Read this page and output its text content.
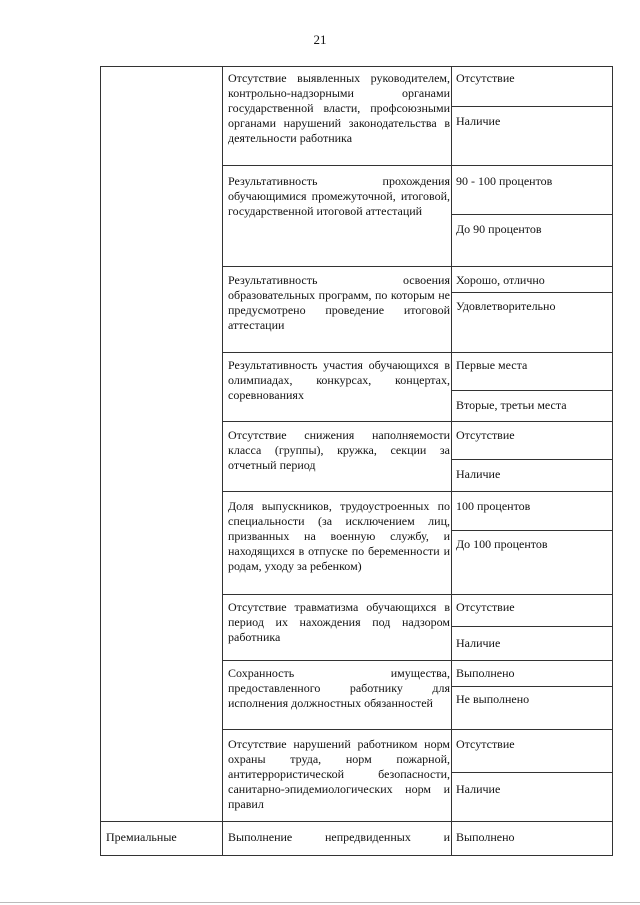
21
Отсутствие выявленных руководителем, контрольно-надзорными органами государственной власти, профсоюзными органами нарушений законодательства в деятельности работника
Отсутствие
Наличие
Результативность прохождения обучающимися промежуточной, итоговой, государственной итоговой аттестаций
90 - 100 процентов
До 90 процентов
Результативность освоения образовательных программ, по которым не предусмотрено проведение итоговой аттестации
Хорошо, отлично
Удовлетворительно
Результативность участия обучающихся в олимпиадах, конкурсах, концертах, соревнованиях
Первые места
Вторые, третьи места
Отсутствие снижения наполняемости класса (группы), кружка, секции за отчетный период
Отсутствие
Наличие
Доля выпускников, трудоустроенных по специальности (за исключением лиц, призванных на военную службу, и находящихся в отпуске по беременности и родам, уходу за ребенком)
100 процентов
До 100 процентов
Отсутствие травматизма обучающихся в период их нахождения под надзором работника
Отсутствие
Наличие
Сохранность имущества, предоставленного работнику для исполнения должностных обязанностей
Выполнено
Не выполнено
Отсутствие нарушений работником норм охраны труда, норм пожарной, антитеррористической безопасности, санитарно-эпидемиологических норм и правил
Отсутствие
Наличие
Премиальные	Выполнение непредвиденных и Выполнено
